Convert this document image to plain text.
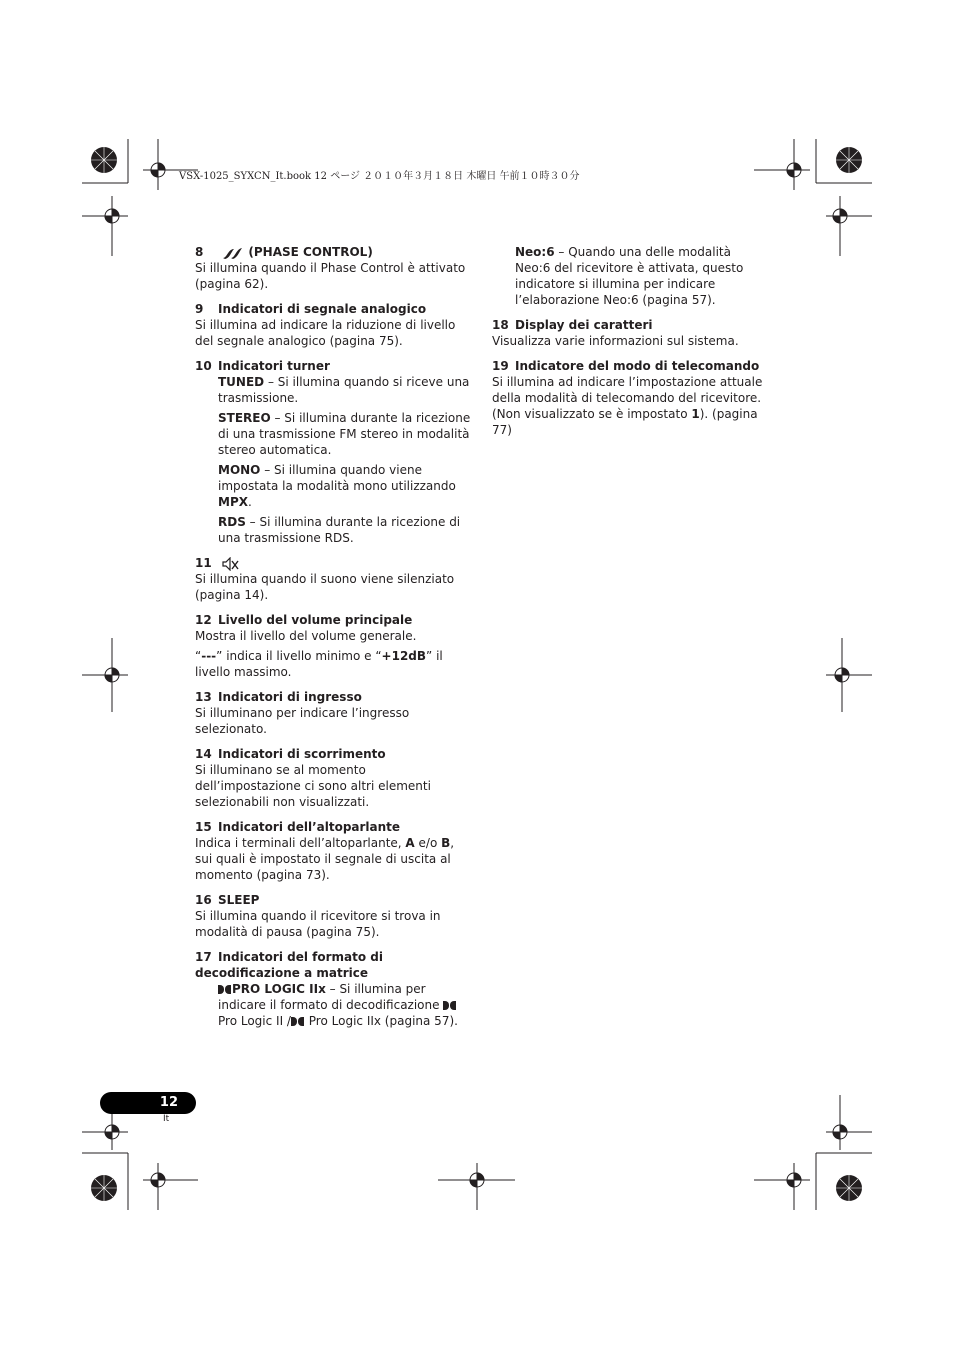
VSX-1025_SYXCN_It.book 12 ページ ２０１０年３月１８日 木曜日 午前１０時３０分

8	(PHASE CONTROL)

Si illumina quando il Phase Control è attivato (pagina 62).

9 Indicatori di segnale analogico

Si illumina ad indicare la riduzione di livello del segnale analogico (pagina 75).

10 Indicatori turner

TUNED – Si illumina quando si riceve una trasmissione.

STEREO – Si illumina durante la ricezione di una trasmissione FM stereo in modalità stereo automatica.

MONO – Si illumina quando viene impostata la modalità mono utilizzando MPX.

RDS – Si illumina durante la ricezione di una trasmissione RDS.

11

Si illumina quando il suono viene silenziato (pagina 14).

12 Livello del volume principale

Mostra il livello del volume generale.

“---” indica il livello minimo e “+12dB” il livello massimo.

13 Indicatori di ingresso

Si illuminano per indicare l’ingresso selezionato.

14 Indicatori di scorrimento

Si illuminano se al momento dell’impostazione ci sono altri elementi selezionabili non visualizzati.

15 Indicatori dell’altoparlante

Indica i terminali dell’altoparlante, A e/o B, sui quali è impostato il segnale di uscita al momento (pagina 73).

16 SLEEP

Si illumina quando il ricevitore si trova in modalità di pausa (pagina 75).

17 Indicatori del formato di decodificazione a matrice

PRO LOGIC IIx – Si illumina per indicare il formato di decodificazione
Pro Logic II /
Pro Logic IIx (pagina 57).

Neo:6 – Quando una delle modalità Neo:6 del ricevitore è attivata, questo indicatore si illumina per indicare l’elaborazione Neo:6 (pagina 57).

18 Display dei caratteri

Visualizza varie informazioni sul sistema.

19 Indicatore del modo di telecomando

Si illumina ad indicare l’impostazione attuale della modalità di telecomando del ricevitore. (Non visualizzato se è impostato 1). (pagina 77)

12
It
